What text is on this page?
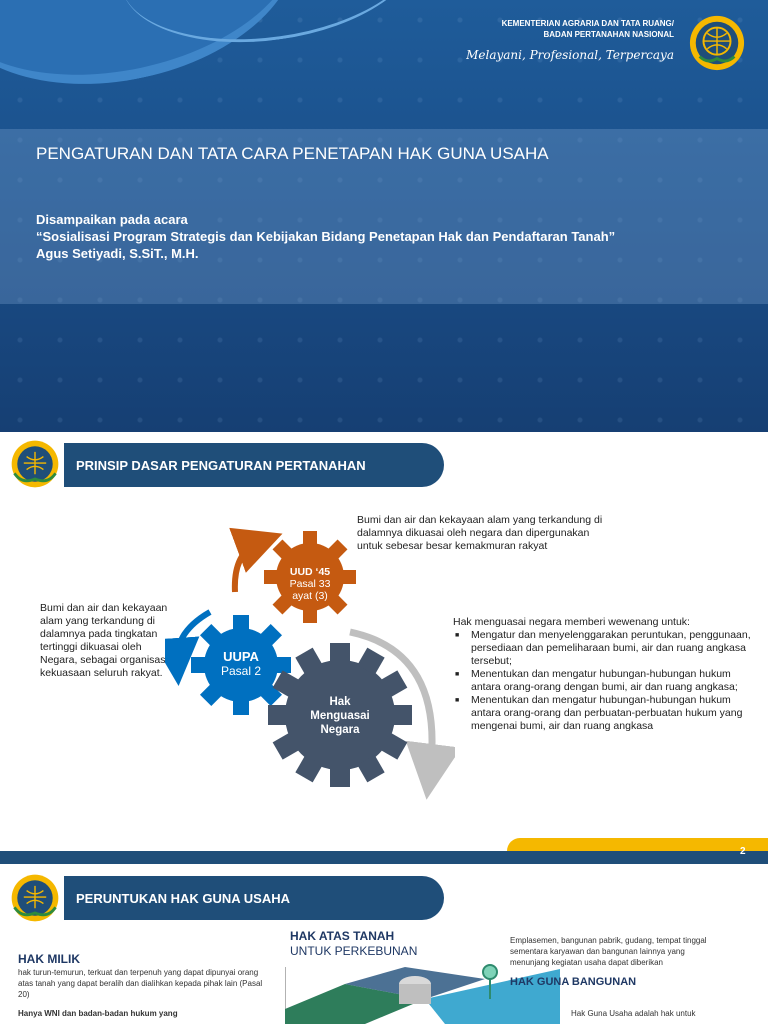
KEMENTERIAN AGRARIA DAN TATA RUANG/
BADAN PERTANAHAN NASIONAL
Melayani, Profesional, Terpercaya
PENGATURAN DAN TATA CARA PENETAPAN HAK GUNA USAHA
Disampaikan pada acara
“Sosialisasi Program Strategis dan Kebijakan Bidang Penetapan Hak dan Pendaftaran Tanah”
Agus Setiyadi, S.SiT., M.H.
PRINSIP DASAR PENGATURAN PERTANAHAN
Bumi dan air dan kekayaan alam yang terkandung di dalamnya dikuasai oleh negara dan dipergunakan untuk sebesar besar kemakmuran rakyat
Bumi dan air dan kekayaan alam yang terkandung di dalamnya pada tingkatan tertinggi dikuasai oleh Negara, sebagai organisasi kekuasaan seluruh rakyat.
UUD ‘45
Pasal 33
ayat (3)
UUPA
Pasal 2
Hak
Menguasai
Negara
Hak menguasai negara memberi wewenang untuk:
■ Mengatur dan menyelenggarakan peruntukan, penggunaan, persediaan dan pemeliharaan bumi, air dan ruang angkasa tersebut;
■ Menentukan dan mengatur hubungan-hubungan hukum antara orang-orang dengan bumi, air dan ruang angkasa;
■ Menentukan dan mengatur hubungan-hubungan hukum antara orang-orang dan perbuatan-perbuatan hukum yang mengenai bumi, air dan ruang angkasa
2
PERUNTUKAN HAK GUNA USAHA
HAK ATAS TANAH
UNTUK PERKEBUNAN
HAK MILIK
hak turun-temurun, terkuat dan terpenuh yang dapat dipunyai orang atas tanah yang dapat beralih dan dialihkan kepada pihak lain (Pasal 20)
Hanya WNI dan badan-badan hukum yang
Emplasemen, bangunan pabrik, gudang, tempat tinggal sementara karyawan dan bangunan lainnya yang menunjang kegiatan usaha dapat diberikan
HAK GUNA BANGUNAN
Hak Guna Usaha adalah hak untuk
